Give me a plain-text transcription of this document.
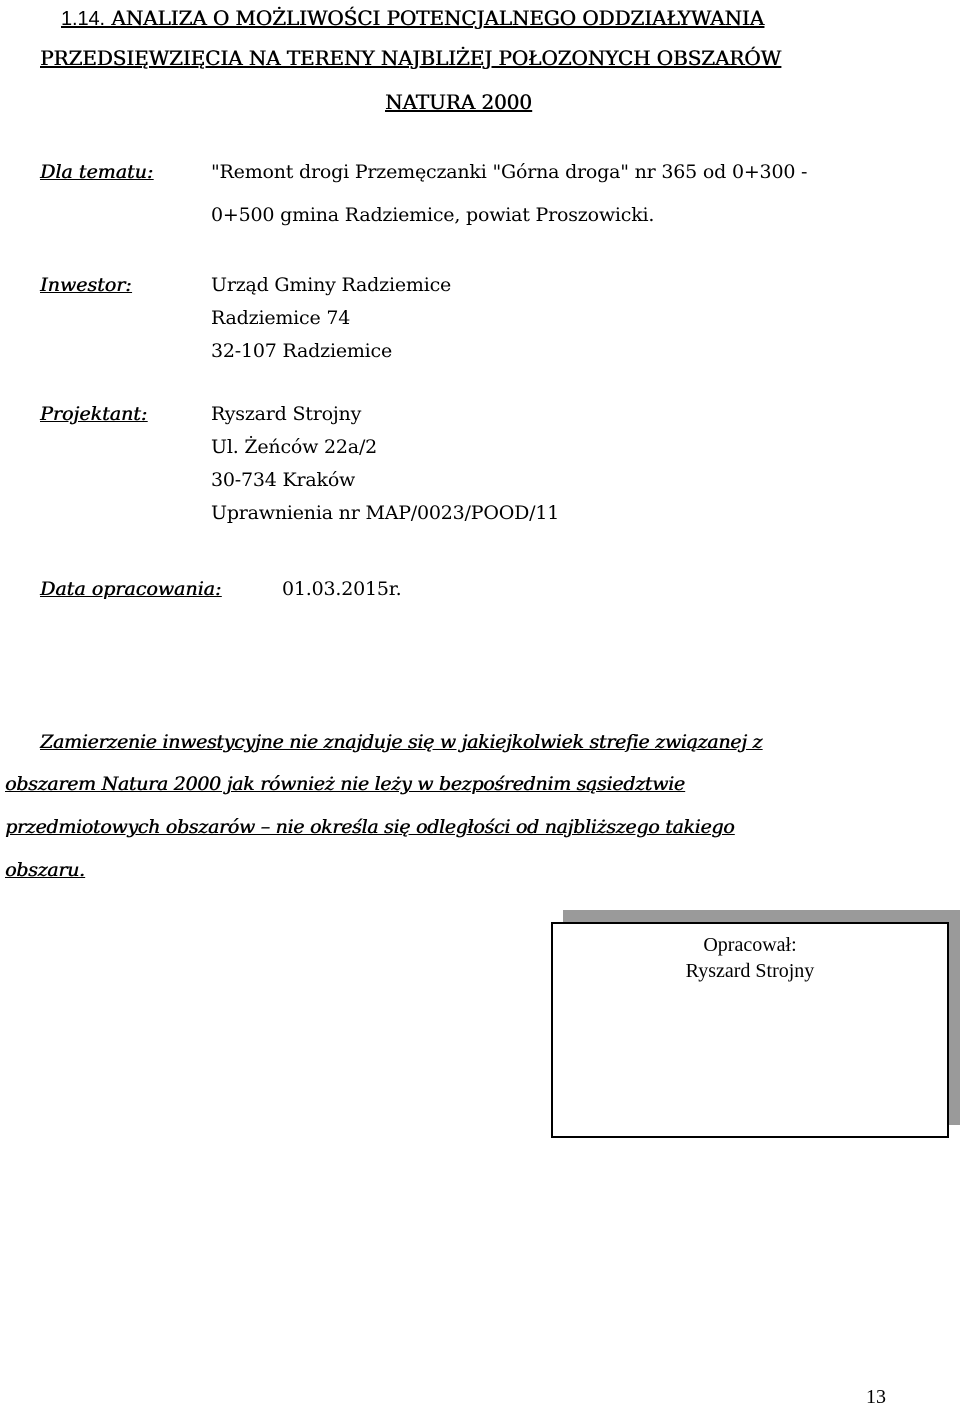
1.14. ANALIZA O MOŻLIWOŚCI POTENCJALNEGO ODDZIAŁYWANIA
PRZEDSIĘWZIĘCIA NA TERENY NAJBLIŻEJ POŁOZONYCH OBSZARÓW
NATURA 2000
Dla tematu:	"Remont drogi Przemęczanki "Górna droga" nr 365 od 0+300 -
0+500 gmina Radziemice, powiat Proszowicki.
Inwestor:	Urząd Gminy Radziemice
Radziemice 74
32-107 Radziemice
Projektant:	Ryszard Strojny
Ul. Żeńców 22a/2
30-734 Kraków
Uprawnienia nr MAP/0023/POOD/11
Data opracowania:	01.03.2015r.
Zamierzenie inwestycyjne nie znajduje się w jakiejkolwiek strefie związanej z
obszarem Natura 2000 jak również nie leży w bezpośrednim sąsiedztwie
przedmiotowych obszarów – nie określa się odległości od najbliższego takiego
obszaru.
Opracował:
Ryszard Strojny
13
